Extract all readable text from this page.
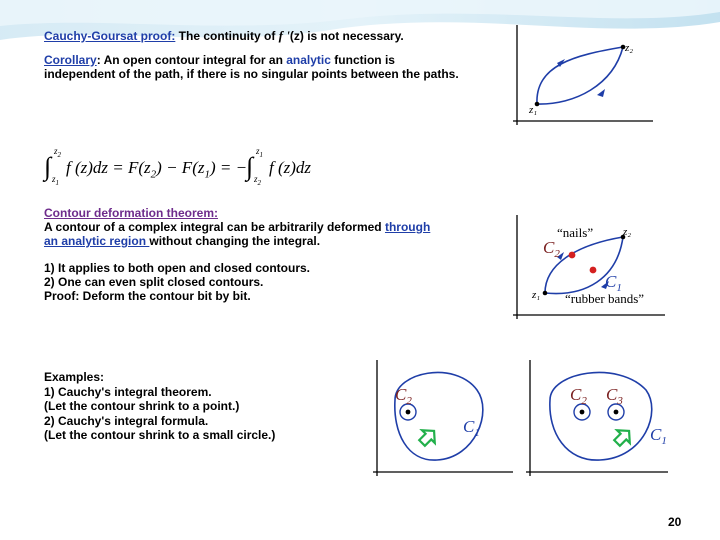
Cauchy-Goursat proof: The continuity of f '(z) is not necessary.
Corollary: An open contour integral for an analytic function is
independent of the path, if there is no singular points between the paths.
∫
$z_2$
$z_1$
f $(z)dz = F(z_2) - F(z_1)$ = −
∫
$z_1$
$z_2$
f (z)dz
Contour deformation theorem:
A contour of a complex integral can be arbitrarily deformed through
an analytic region without changing the integral.
1) It applies to both open and closed contours.
2) One can even split closed contours.
Proof: Deform the contour bit by bit.
Examples:
1) Cauchy's integral theorem.
(Let the contour shrink to a point.)
2) Cauchy's integral formula.
(Let the contour shrink to a small circle.)
z₂
z₁
z₂
z₁
“nails”
“rubber bands”
$C_2$
$C_1$
$C_2$
$C_1$
$C_2$ $C_3$
$C_1$
20
